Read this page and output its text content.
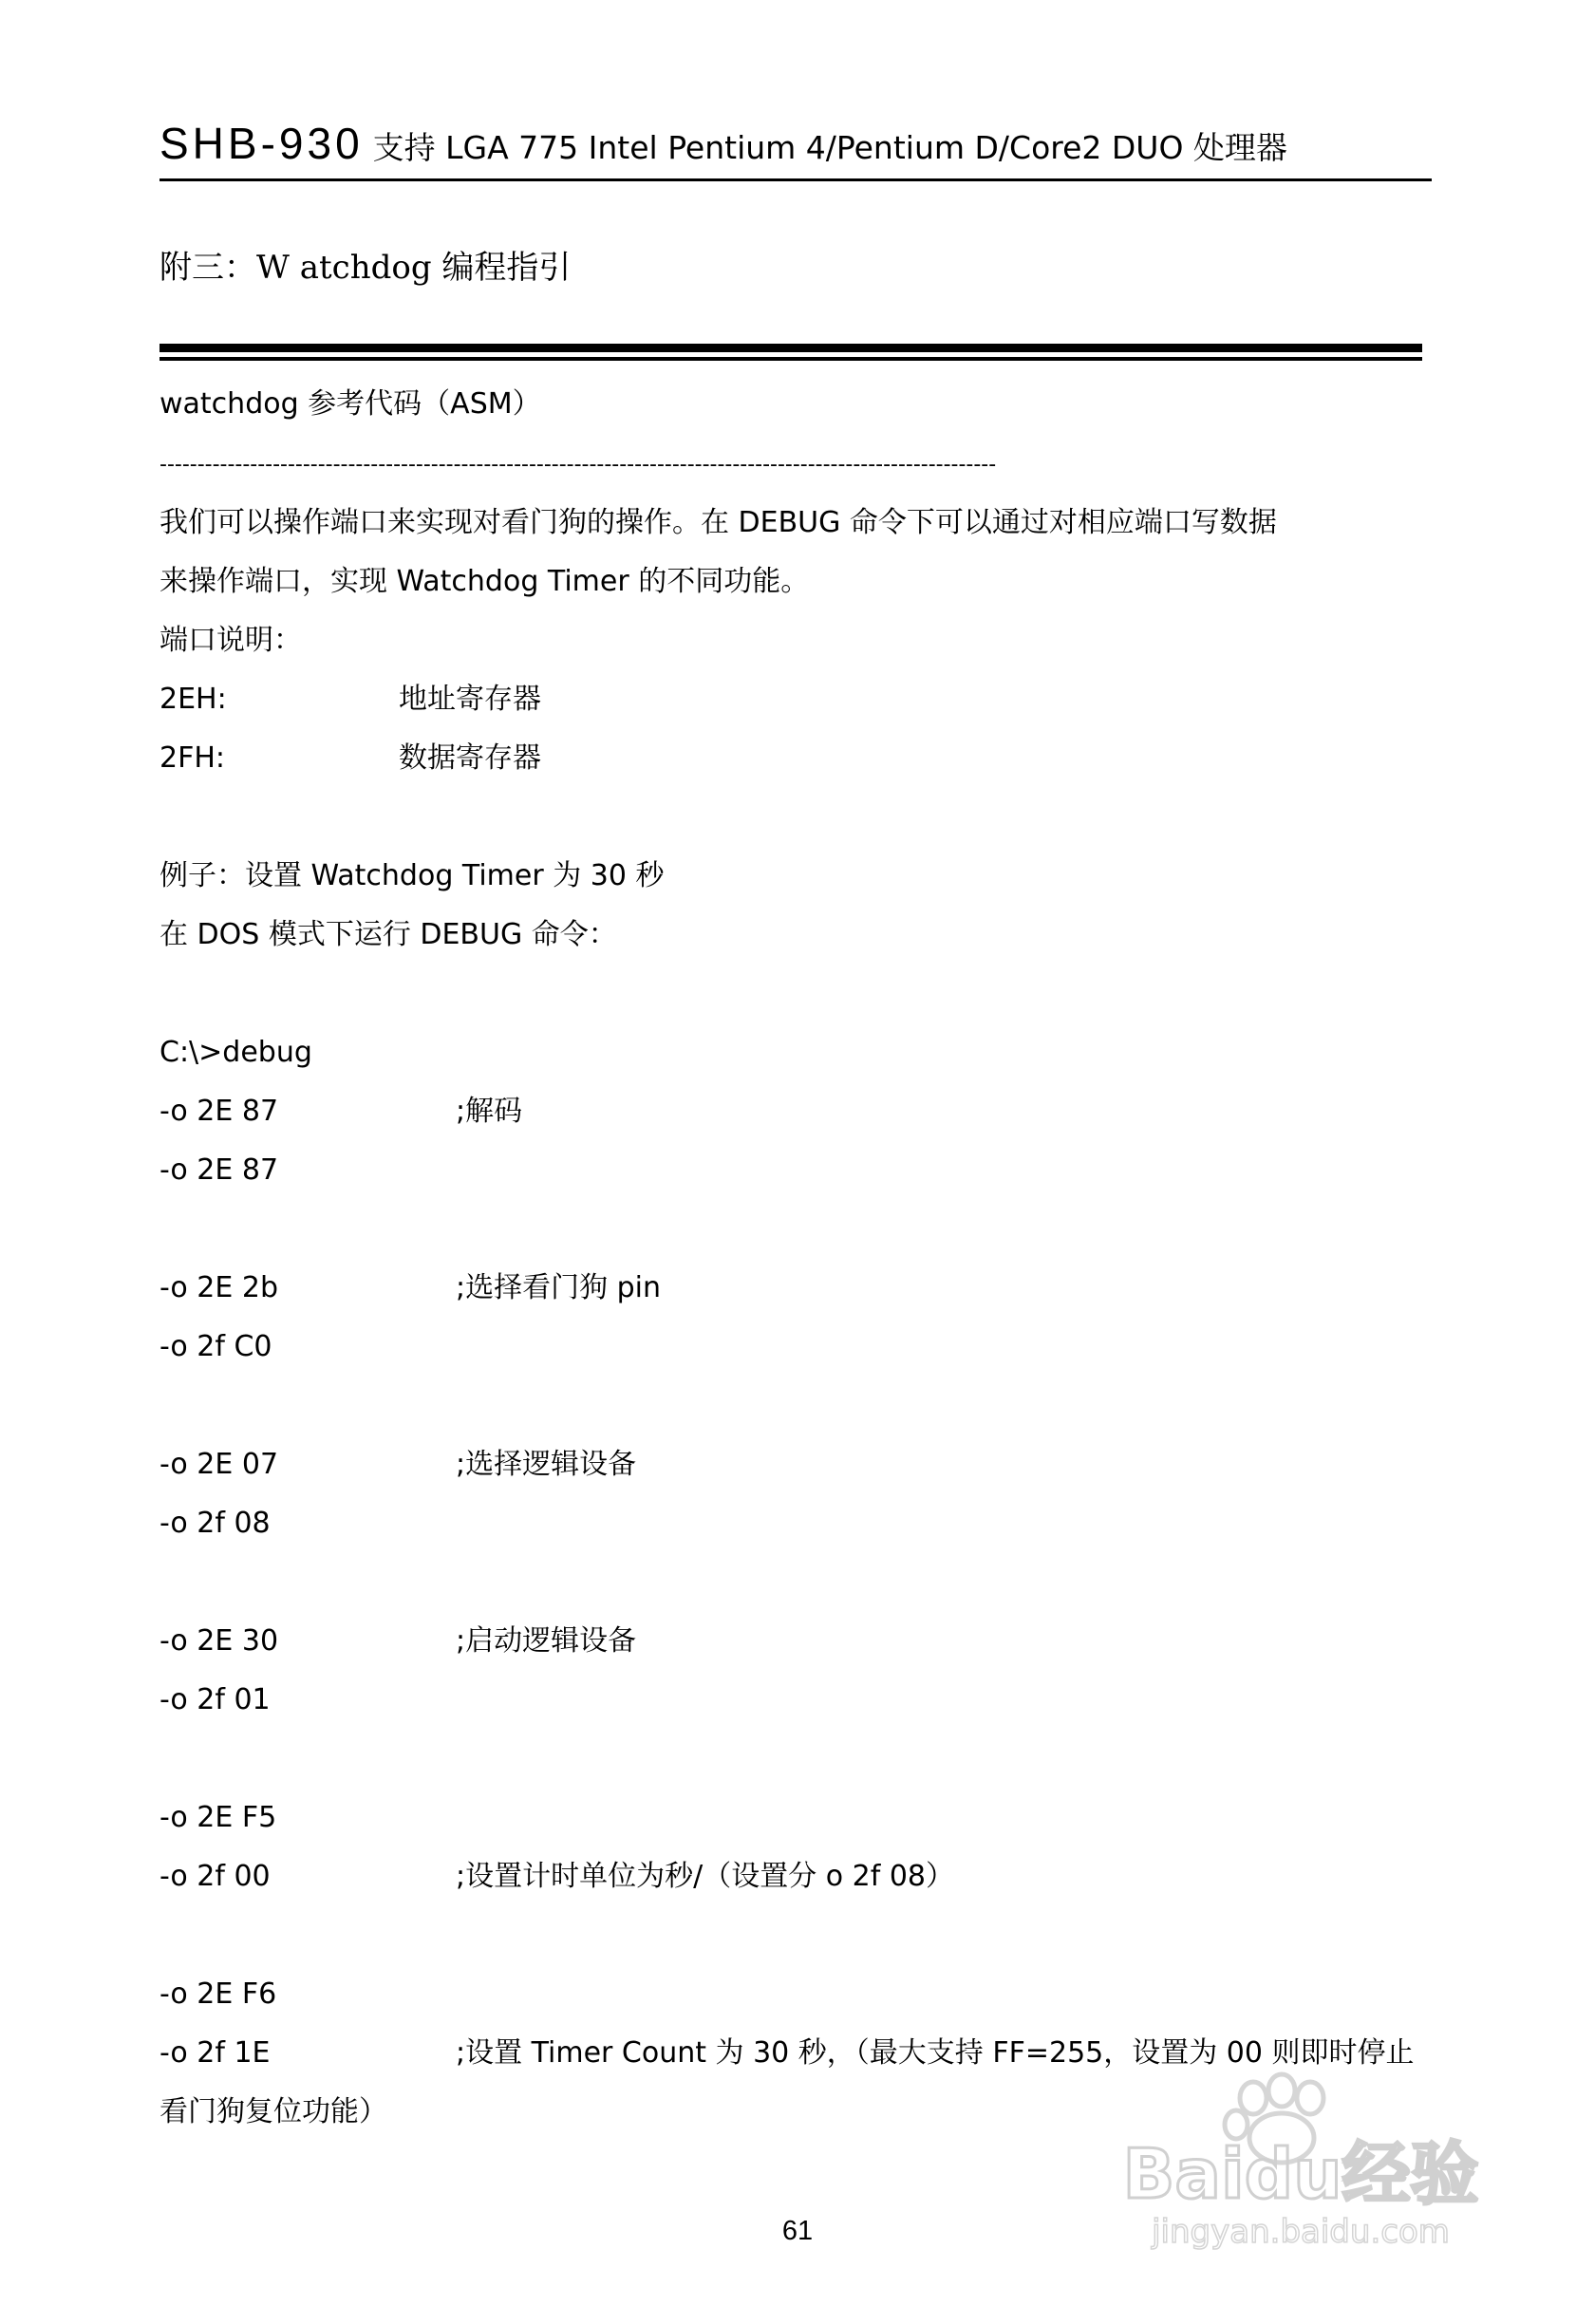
SHB-930 支持 LGA 775 Intel Pentium 4/Pentium D/Core2 DUO 处理器
附三：W atchdog 编程指引
watchdog 参考代码（ASM）
---------------------------------------------------------------------------------------------------------------
我们可以操作端口来实现对看门狗的操作。在 DEBUG 命令下可以通过对相应端口写数据
来操作端口，实现 Watchdog Timer 的不同功能。
端口说明：
2EH:	地址寄存器
2FH:	数据寄存器
例子：设置 Watchdog Timer 为 30 秒
在 DOS 模式下运行 DEBUG 命令：
C:\>debug
-o 2E 87	;解码
-o 2E 87
-o 2E 2b	;选择看门狗 pin
-o 2f C0
-o 2E 07	;选择逻辑设备
-o 2f 08
-o 2E 30	;启动逻辑设备
-o 2f 01
-o 2E F5
-o 2f 00	;设置计时单位为秒/（设置分 o 2f 08）
-o 2E F6
-o 2f 1E	;设置 Timer Count 为 30 秒，（最大支持 FF=255，设置为 00 则即时停止
看门狗复位功能）
61
Baidu经验
jingyan.baidu.com
